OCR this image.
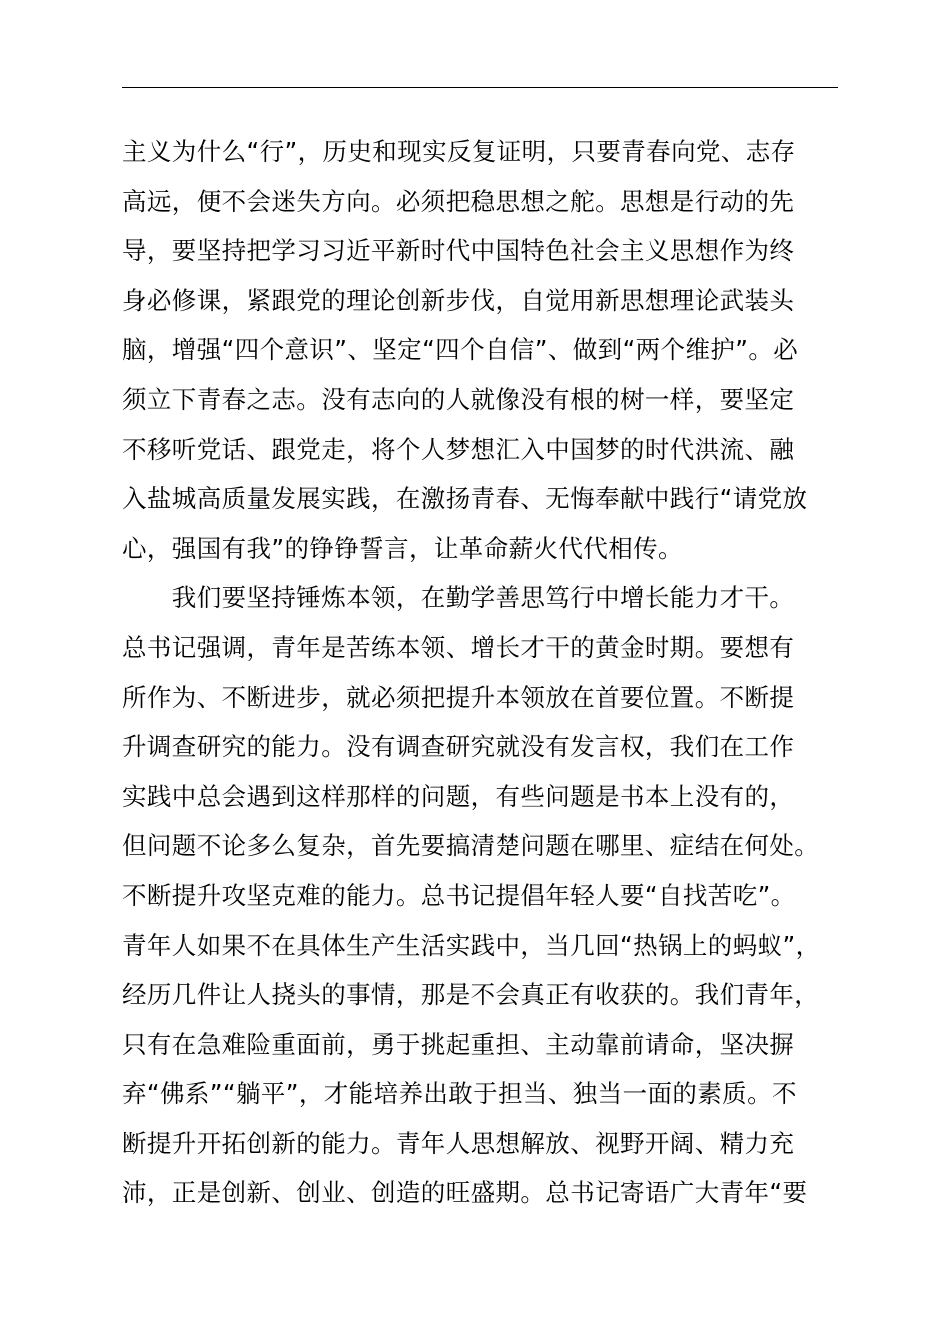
主义为什么“行”，历史和现实反复证明，只要青春向党、志存
高远，便不会迷失方向。必须把稳思想之舵。思想是行动的先
导，要坚持把学习习近平新时代中国特色社会主义思想作为终
身必修课，紧跟党的理论创新步伐，自觉用新思想理论武装头
脑，增强“四个意识”、坚定“四个自信”、做到“两个维护”。必
须立下青春之志。没有志向的人就像没有根的树一样，要坚定
不移听党话、跟党走，将个人梦想汇入中国梦的时代洪流、融
入盐城高质量发展实践，在激扬青春、无悔奉献中践行“请党放
心，强国有我”的铮铮誓言，让革命薪火代代相传。
　　我们要坚持锤炼本领，在勤学善思笃行中增长能力才干。
总书记强调，青年是苦练本领、增长才干的黄金时期。要想有
所作为、不断进步，就必须把提升本领放在首要位置。不断提
升调查研究的能力。没有调查研究就没有发言权，我们在工作
实践中总会遇到这样那样的问题，有些问题是书本上没有的，
但问题不论多么复杂，首先要搞清楚问题在哪里、症结在何处。
不断提升攻坚克难的能力。总书记提倡年轻人要“自找苦吃”。
青年人如果不在具体生产生活实践中，当几回“热锅上的蚂蚁”，
经历几件让人挠头的事情，那是不会真正有收获的。我们青年，
只有在急难险重面前，勇于挑起重担、主动靠前请命，坚决摒
弃“佛系”“躺平”，才能培养出敢于担当、独当一面的素质。不
断提升开拓创新的能力。青年人思想解放、视野开阔、精力充
沛，正是创新、创业、创造的旺盛期。总书记寄语广大青年“要
